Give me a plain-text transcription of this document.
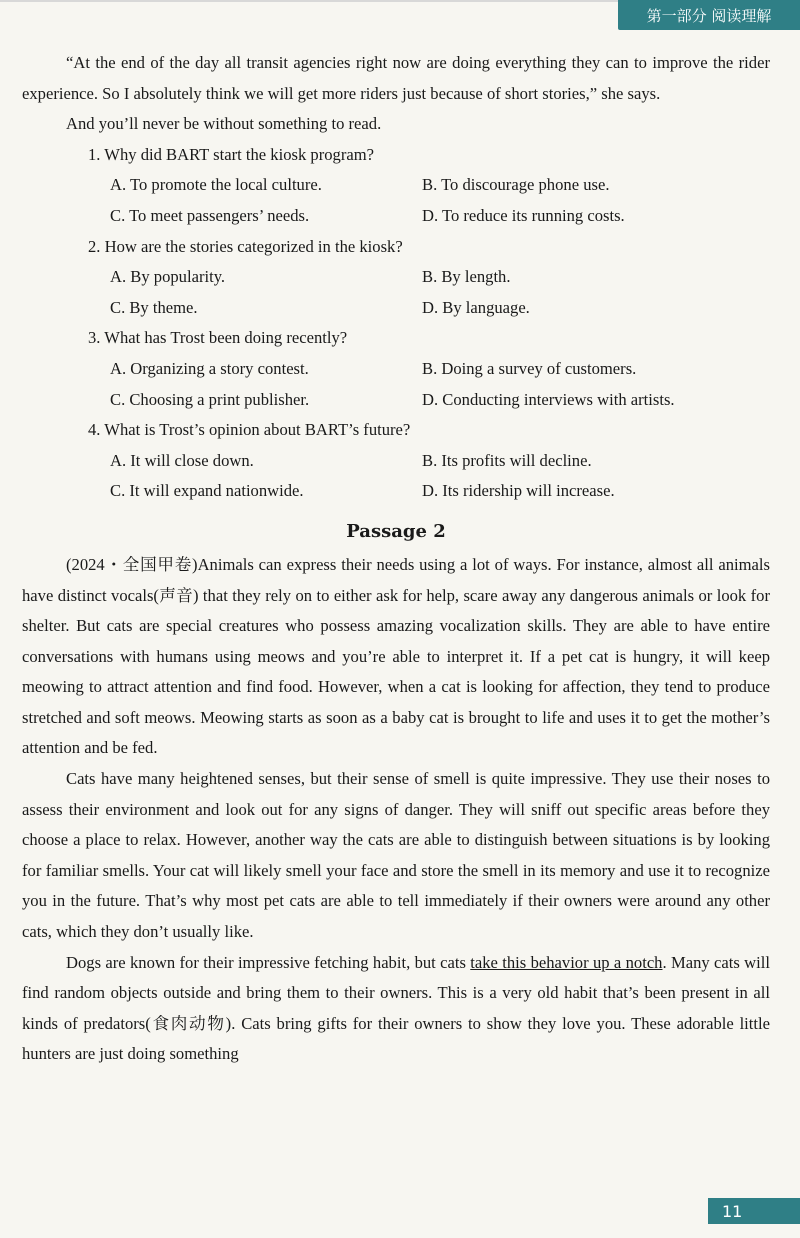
第一部分 阅读理解

“At the end of the day all transit agencies right now are doing everything they can to improve the rider experience. So I absolutely think we will get more riders just because of short stories,” she says.

And you’ll never be without something to read.

1. Why did BART start the kiosk program?
A. To promote the local culture.	B. To discourage phone use.
C. To meet passengers’ needs.	D. To reduce its running costs.
2. How are the stories categorized in the kiosk?
A. By popularity.	B. By length.
C. By theme.	D. By language.
3. What has Trost been doing recently?
A. Organizing a story contest.	B. Doing a survey of customers.
C. Choosing a print publisher.	D. Conducting interviews with artists.
4. What is Trost’s opinion about BART’s future?
A. It will close down.	B. Its profits will decline.
C. It will expand nationwide.	D. Its ridership will increase.
Passage 2

(2024・全国甲卷)Animals can express their needs using a lot of ways. For instance, almost all animals have distinct vocals(声音) that they rely on to either ask for help, scare away any dangerous animals or look for shelter. But cats are special creatures who possess amazing vocalization skills. They are able to have entire conversations with humans using meows and you’re able to interpret it. If a pet cat is hungry, it will keep meowing to attract attention and find food. However, when a cat is looking for affection, they tend to produce stretched and soft meows. Meowing starts as soon as a baby cat is brought to life and uses it to get the mother’s attention and be fed.

Cats have many heightened senses, but their sense of smell is quite impressive. They use their noses to assess their environment and look out for any signs of danger. They will sniff out specific areas before they choose a place to relax. However, another way the cats are able to distinguish between situations is by looking for familiar smells. Your cat will likely smell your face and store the smell in its memory and use it to recognize you in the future. That’s why most pet cats are able to tell immediately if their owners were around any other cats, which they don’t usually like.

Dogs are known for their impressive fetching habit, but cats take this behavior up a notch. Many cats will find random objects outside and bring them to their owners. This is a very old habit that’s been present in all kinds of predators(食肉动物). Cats bring gifts for their owners to show they love you. These adorable little hunters are just doing something

11
